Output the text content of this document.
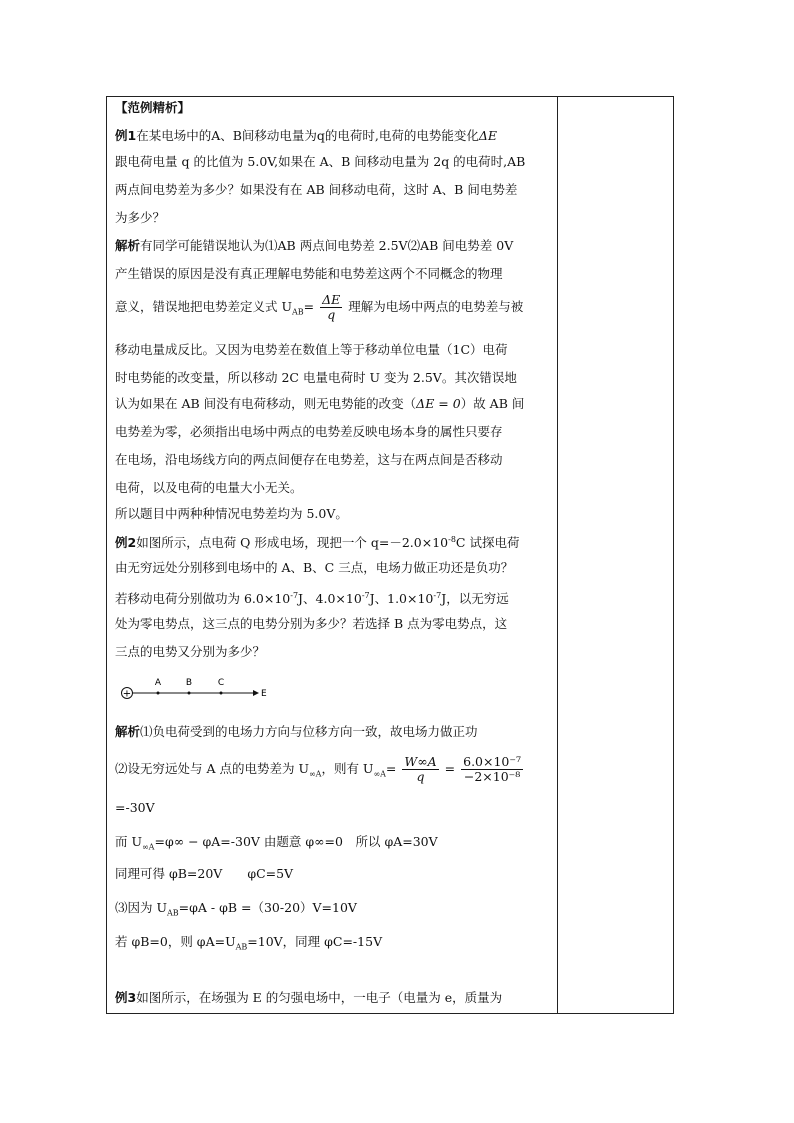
【范例精析】
例1在某电场中的A、B间移动电量为q的电荷时,电荷的电势能变化ΔE
跟电荷电量 q 的比值为 5.0V,如果在 A、B 间移动电量为 2q 的电荷时,AB
两点间电势差为多少？如果没有在 AB 间移动电荷，这时 A、B 间电势差
为多少？
解析有同学可能错误地认为⑴AB 两点间电势差 2.5V⑵AB 间电势差 0V
产生错误的原因是没有真正理解电势能和电势差这两个不同概念的物理
意义，错误地把电势差定义式 $U_{AB}= \frac{\Delta E}{q}$ 理解为电场中两点的电势差与被
移动电量成反比。又因为电势差在数值上等于移动单位电量（1C）电荷
时电势能的改变量，所以移动 2C 电量电荷时 U 变为 2.5V。其次错误地
认为如果在 AB 间没有电荷移动，则无电势能的改变（ΔE = 0）故 AB 间
电势差为零，必须指出电场中两点的电势差反映电场本身的属性只要存
在电场，沿电场线方向的两点间便存在电势差，这与在两点间是否移动
电荷，以及电荷的电量大小无关。
所以题目中两种种情况电势差均为 5.0V。
例2如图所示，点电荷 Q 形成电场，现把一个 $q=-2.0\times 10^{-8}C$ 试探电荷
由无穷远处分别移到电场中的 A、B、C 三点，电场力做正功还是负功？
若移动电荷分别做功为 $6.0\times 10^{-7}J$、$4.0\times 10^{-7}J$、$1.0\times 10^{-7}J$，以无穷远
处为零电势点，这三点的电势分别为多少？若选择 B 点为零电势点，这
三点的电势又分别为多少？
+
A	B	C
E
解析⑴负电荷受到的电场力方向与位移方向一致，故电场力做正功
⑵设无穷远处与 A 点的电势差为 $U_{\infty A}$，则有 $U_{\infty A}= \frac{W\infty A}{q} = \frac{\text{6.0×10⁻⁷}}{\text{−2×10⁻⁸}}$
=-30V
而 $U_{\infty A}=\varphi\infty - \varphi A=-30V$ 由题意 φ∞=0　所以 φA=30V
同理可得 φB=20V　　φC=5V
⑶因为 $U_{AB}=\varphi A - \varphi B =(30-20)V=10V$
若 φB=0，则 $\varphi A=U_{AB}=10V$，同理 φC=-15V
例3如图所示，在场强为 E 的匀强电场中，一电子（电量为 e，质量为
